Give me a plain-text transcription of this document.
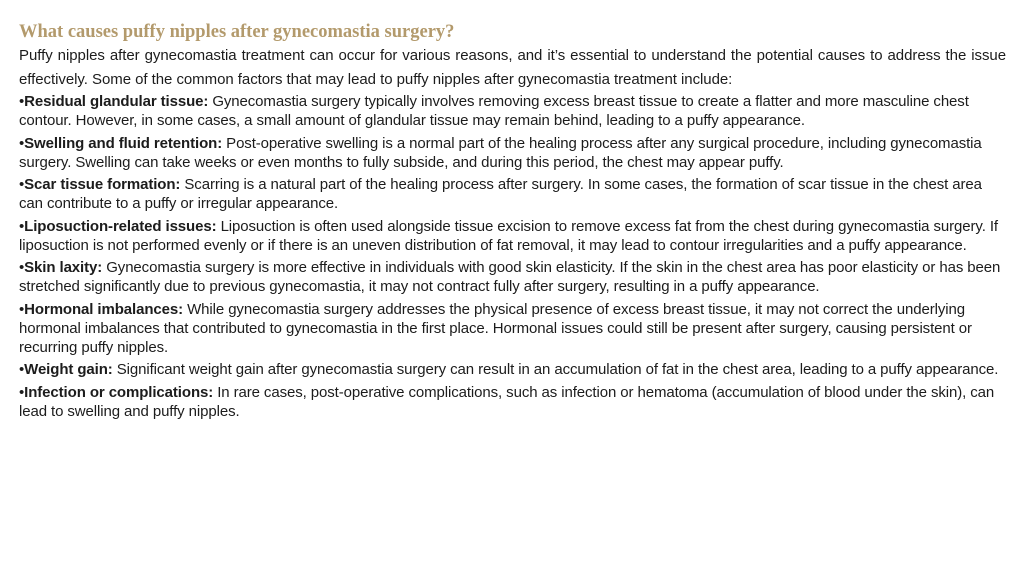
What causes puffy nipples after gynecomastia surgery?

Puffy nipples after gynecomastia treatment can occur for various reasons, and it’s essential to understand the potential causes to address the issue effectively. Some of the common factors that may lead to puffy nipples after gynecomastia treatment include:

•Residual glandular tissue: Gynecomastia surgery typically involves removing excess breast tissue to create a flatter and more masculine chest contour. However, in some cases, a small amount of glandular tissue may remain behind, leading to a puffy appearance.
•Swelling and fluid retention: Post-operative swelling is a normal part of the healing process after any surgical procedure, including gynecomastia surgery. Swelling can take weeks or even months to fully subside, and during this period, the chest may appear puffy.
•Scar tissue formation: Scarring is a natural part of the healing process after surgery. In some cases, the formation of scar tissue in the chest area can contribute to a puffy or irregular appearance.
•Liposuction-related issues: Liposuction is often used alongside tissue excision to remove excess fat from the chest during gynecomastia surgery. If liposuction is not performed evenly or if there is an uneven distribution of fat removal, it may lead to contour irregularities and a puffy appearance.
•Skin laxity: Gynecomastia surgery is more effective in individuals with good skin elasticity. If the skin in the chest area has poor elasticity or has been stretched significantly due to previous gynecomastia, it may not contract fully after surgery, resulting in a puffy appearance.
•Hormonal imbalances: While gynecomastia surgery addresses the physical presence of excess breast tissue, it may not correct the underlying hormonal imbalances that contributed to gynecomastia in the first place. Hormonal issues could still be present after surgery, causing persistent or recurring puffy nipples.
•Weight gain: Significant weight gain after gynecomastia surgery can result in an accumulation of fat in the chest area, leading to a puffy appearance.
•Infection or complications: In rare cases, post-operative complications, such as infection or hematoma (accumulation of blood under the skin), can lead to swelling and puffy nipples.
